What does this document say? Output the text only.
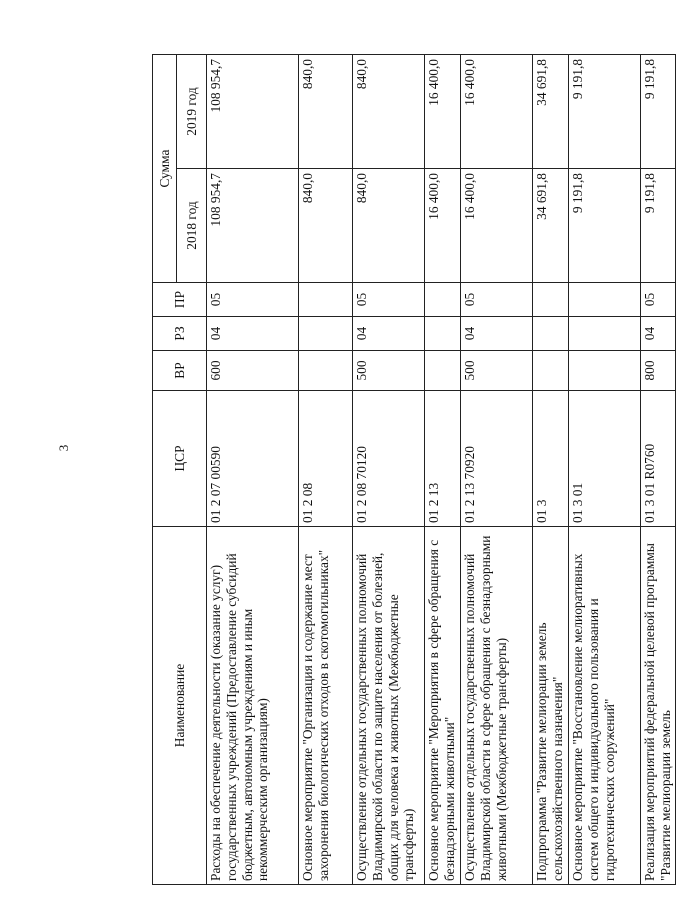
3
Наименование	ЦСР	ВР	РЗ	ПР	Сумма	
					2018 год	2019 год
Расходы на обеспечение деятельности (оказание услуг) государственных учреждений (Предоставление субсидий бюджетным, автономным учреждениям и иным некоммерческим организациям)	01 2 07 00590	600	04	05	108 954,7	108 954,7
Основное мероприятие "Организация и содержание мест захоронения биологических отходов в скотомогильниках"	01 2 08				840,0	840,0
Осуществление отдельных государственных полномочий Владимирской области по защите населения от болезней, общих для человека и животных (Межбюджетные трансферты)	01 2 08 70120	500	04	05	840,0	840,0
Основное мероприятие "Мероприятия в сфере обращения с безнадзорными животными"	01 2 13				16 400,0	16 400,0
Осуществление отдельных государственных полномочий Владимирской области в сфере обращения с безнадзорными животными (Межбюджетные трансферты)	01 2 13 70920	500	04	05	16 400,0	16 400,0
Подпрограмма "Развитие мелиорации земель сельскохозяйственного назначения"	01 3				34 691,8	34 691,8
Основное мероприятие "Восстановление мелиоративных систем общего и индивидуального пользования и гидротехнических сооружений"	01 3 01				9 191,8	9 191,8
Реализация мероприятий федеральной целевой программы "Развитие мелиорации земель	01 3 01 R0760	800	04	05	9 191,8	9 191,8
